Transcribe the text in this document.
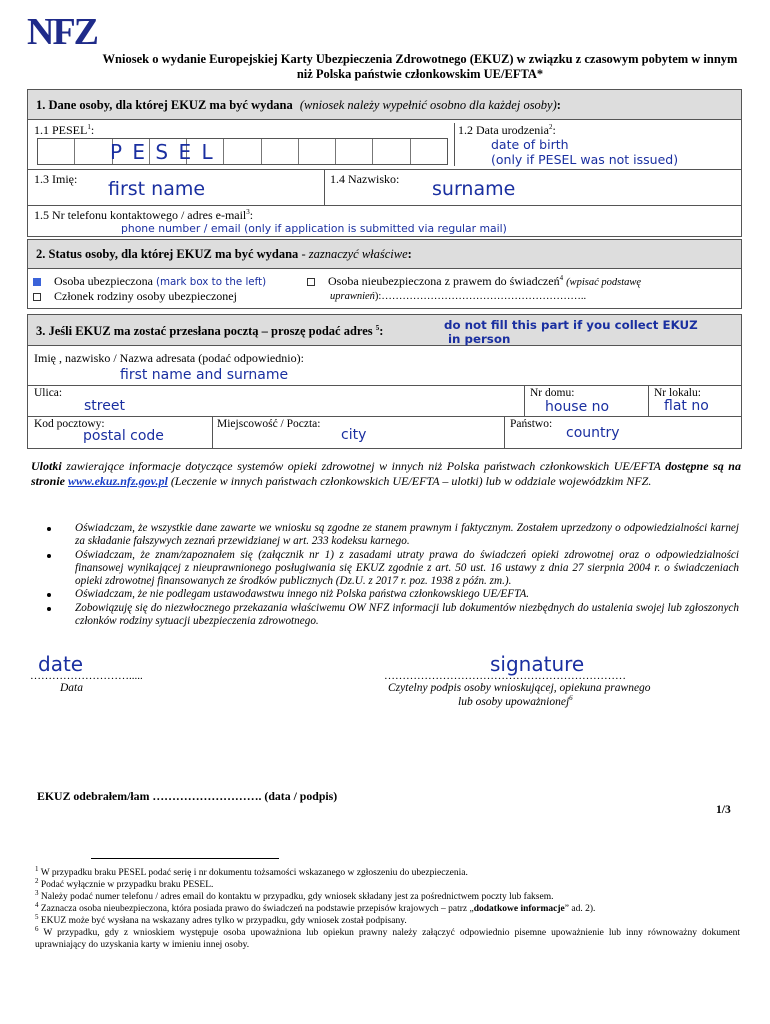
NFZ
Wniosek o wydanie Europejskiej Karty Ubezpieczenia Zdrowotnego (EKUZ) w związku z czasowym pobytem w innym niż Polska państwie członkowskim UE/EFTA*
1. Dane osoby, dla której EKUZ ma być wydana (wniosek należy wypełnić osobno dla każdej osoby):
1.1 PESEL$^1$:
P E S E L
1.2 Data urodzenia$^2$:
date of birth
(only if PESEL was not issued)
1.3 Imię: first name	1.4 Nazwisko: surname
1.5 Nr telefonu kontaktowego / adres e-mail$^3$:
phone number / email (only if application is submitted via regular mail)
2. Status osoby, dla której EKUZ ma być wydana - zaznaczyć właściwe:
Osoba ubezpieczona (mark box to the left)
Członek rodziny osoby ubezpieczonej
Osoba nieubezpieczona z prawem do świadczeń$^4$ (wpisać podstawę
uprawnień):…………………………………………………..
3. Jeśli EKUZ ma zostać przesłana pocztą – proszę podać adres $^5$:	do not fill this part if you collect EKUZ
in person
Imię , nazwisko / Nazwa adresata (podać odpowiednio):
first name and surname
Ulica:
street
Nr domu:
house no
Nr lokalu:
flat no
Kod pocztowy:
postal code
Miejscowość / Poczta:
city
Państwo:
country
Ulotki zawierające informacje dotyczące systemów opieki zdrowotnej w innych niż Polska państwach członkowskich UE/EFTA dostępne są na stronie www.ekuz.nfz.gov.pl (Leczenie w innych państwach członkowskich UE/EFTA – ulotki) lub w oddziale wojewódzkim NFZ.
Oświadczam, że wszystkie dane zawarte we wniosku są zgodne ze stanem prawnym i faktycznym. Zostałem uprzedzony o odpowiedzialności karnej za składanie fałszywych zeznań przewidzianej w art. 233 kodeksu karnego.
Oświadczam, że znam/zapoznałem się (załącznik nr 1) z zasadami utraty prawa do świadczeń opieki zdrowotnej oraz o odpowiedzialności finansowej wynikającej z nieuprawnionego posługiwania się EKUZ zgodnie z art. 50 ust. 16 ustawy z dnia 27 sierpnia 2004 r. o świadczeniach opieki zdrowotnej finansowanych ze środków publicznych (Dz.U. z 2017 r. poz. 1938 z późn. zm.).
Oświadczam, że nie podlegam ustawodawstwu innego niż Polska państwa członkowskiego UE/EFTA.
Zobowiązuję się do niezwłocznego przekazania właściwemu OW NFZ informacji lub dokumentów niezbędnych do ustalenia swojej lub zgłoszonych członków rodziny sytuacji ubezpieczenia zdrowotnego.
date
……………………….....
Data
signature
…………………………………………………………
Czytelny podpis osoby wnioskującej, opiekuna prawnego
lub osoby upoważnionej$^6$
EKUZ odebrałem/łam ………………………. (data / podpis)
1/3
$^1$ W przypadku braku PESEL podać serię i nr dokumentu tożsamości wskazanego w zgłoszeniu do ubezpieczenia.
$^2$ Podać wyłącznie w przypadku braku PESEL.
$^3$ Należy podać numer telefonu / adres email do kontaktu w przypadku, gdy wniosek składany jest za pośrednictwem poczty lub faksem.
$^4$ Zaznacza osoba nieubezpieczona, która posiada prawo do świadczeń na podstawie przepisów krajowych – patrz „dodatkowe informacje” ad. 2).
$^5$ EKUZ może być wysłana na wskazany adres tylko w przypadku, gdy wniosek został podpisany.
$^6$ W przypadku, gdy z wnioskiem występuje osoba upoważniona lub opiekun prawny należy załączyć odpowiednio pisemne upoważnienie lub inny równoważny dokument uprawniający do uzyskania karty w imieniu innej osoby.
